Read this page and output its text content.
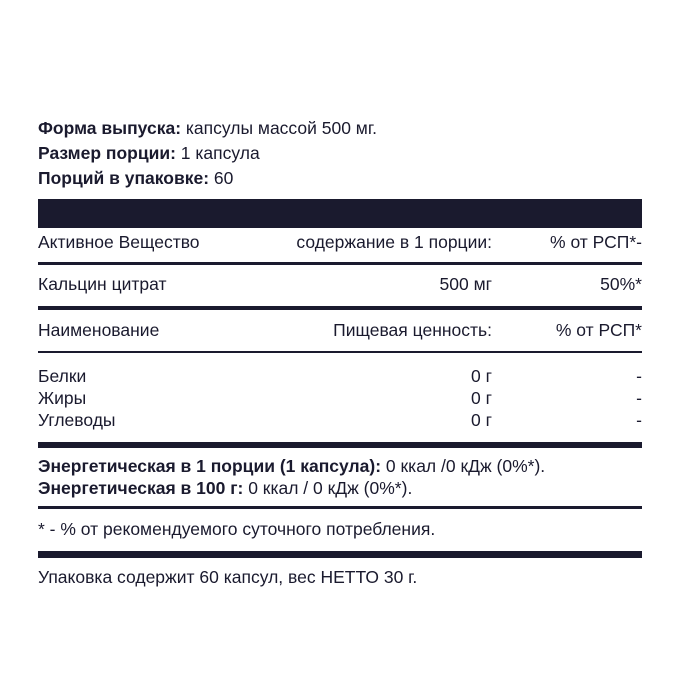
Форма выпуска: капсулы массой 500 мг.
Размер порции: 1 капсула
Порций в упаковке: 60
Активное Вещество	содержание в 1 порции:	% от РСП*-
Кальцин цитрат	500 мг	50%*
Наименование	Пищевая ценность:	% от РСП*
Белки	0 г	-
Жиры	0 г	-
Углеводы	0 г	-
Энергетическая в 1 порции (1 капсула): 0 ккал /0 кДж (0%*).
Энергетическая в 100 г: 0 ккал / 0 кДж (0%*).
* - % от рекомендуемого суточного потребления.
Упаковка содержит 60 капсул, вес НЕТТО 30 г.
